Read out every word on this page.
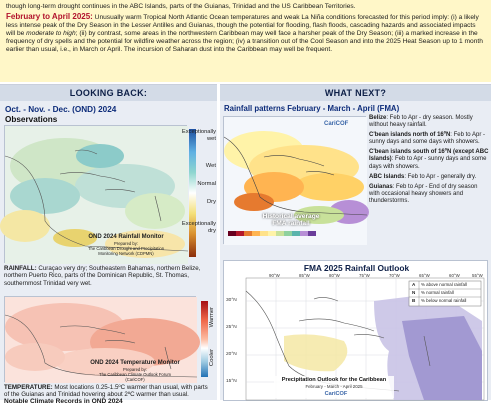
though long-term drought continues in the ABC Islands, parts of the Guianas, Trinidad and the US Caribbean Territories.
February to April 2025: Unusually warm Tropical North Atlantic Ocean temperatures and weak La Niña conditions forecasted for this period imply: (i) a likely less intense peak of the Dry Season in the Lesser Antilles and Guianas, though the potential for flooding, flash floods, cascading hazards and associated impacts will be moderate to high; (ii) by contrast, some areas in the northwestern Caribbean may well face a harsher peak of the Dry Season; (iii) a marked increase in the frequency of dry spells and the potential for wildfire weather across the region; (iv) a transition out of the Cool Season and into the 2025 Heat Season up to 1 month earlier than usual, i.e., in March or April. The incursion of Saharan dust into the Caribbean may well be frequent.
LOOKING BACK:
Oct. - Nov. - Dec. (OND) 2024
Observations
OND 2024 Rainfall Monitor
Prepared by:
The Caribbean Drought and Precipitation
Monitoring Network (CDPMN)
Exceptionally wet
Wet
Normal
Dry
Exceptionally dry
RAINFALL: Curaçao very dry; Southeastern Bahamas, northern Belize, northern Puerto Rico, parts of the Dominican Republic, St. Thomas, southernmost Trinidad very wet.
OND 2024 Temperature Monitor
Prepared by:
The Caribbean Climate Outlook Forum
(CariCOF)
Warmer
Cooler
TEMPERATURE: Most locations 0.25-1.5ºC warmer than usual, with parts of the Guianas and Trinidad hovering about 2ºC warmer than usual.
Notable Climate Records in OND 2024
WHAT NEXT?
Rainfall patterns February - March - April (FMA)
CariCOF
Historical average
FMA rainfall

Belize: Feb to Apr - dry season. Mostly without heavy rainfall.

C'bean islands north of 16ºN: Feb to Apr - sunny days and some days with showers.

C'bean islands south of 16ºN (except ABC Islands): Feb to Apr - sunny days and some days with showers.

ABC Islands: Feb to Apr - generally dry.

Guianas: Feb to Apr - End of dry season with occasional heavy showers and thunderstorms.

FMA 2025 Rainfall Outlook
30°N
25°N
20°N
15°N
90°W	85°W	80°W	75°W	70°W	65°W	60°W	55°W
A % above normal rainfall
N % normal rainfall
B % below normal rainfall
Precipitation Outlook for the Caribbean
February - March - April 2025
CariCOF
